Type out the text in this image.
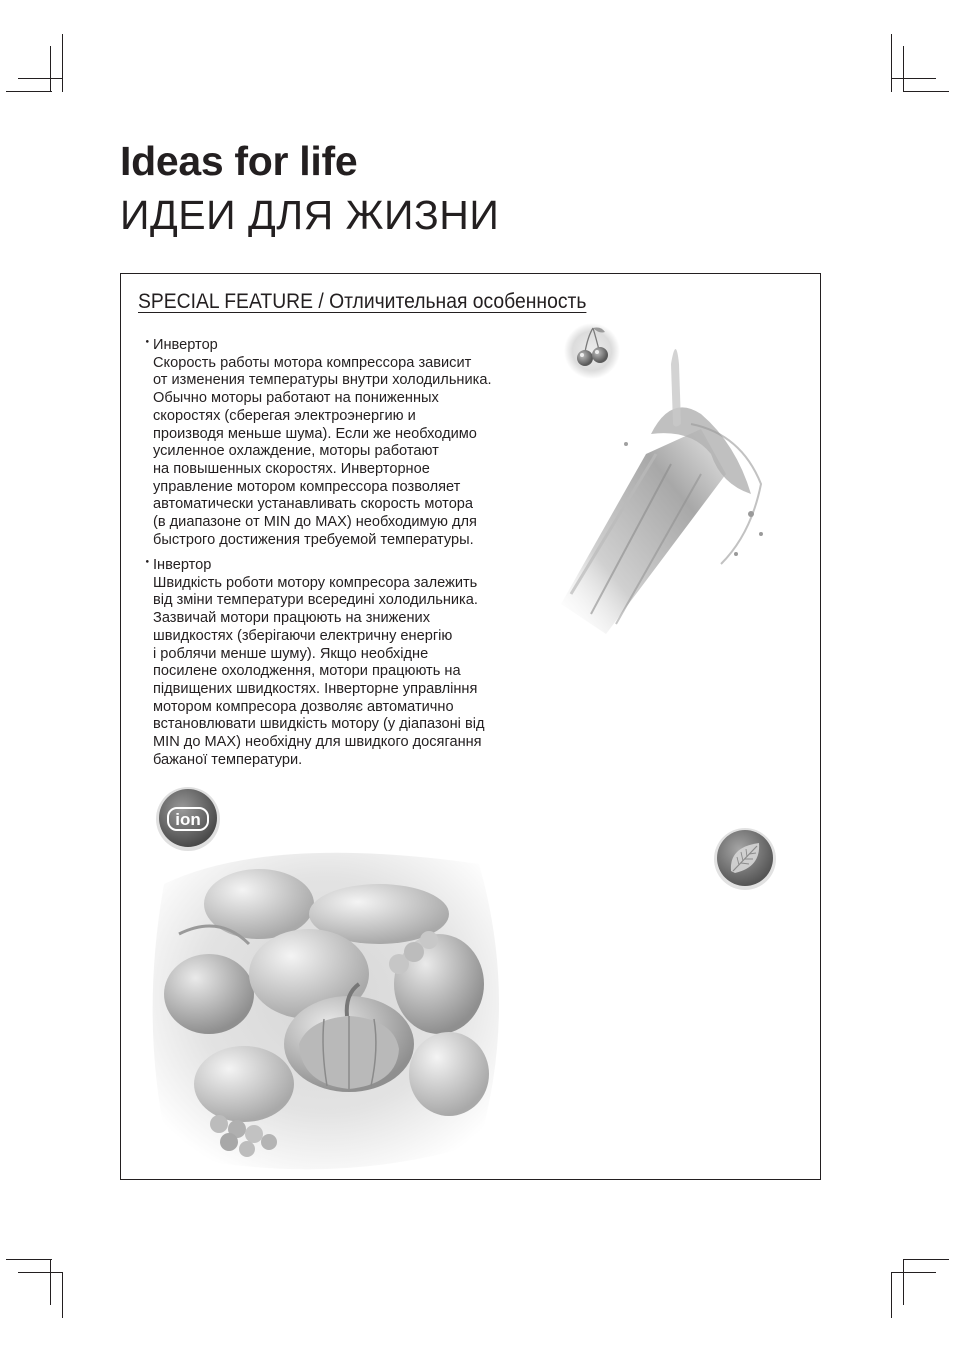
Ideas for life
ИДЕИ ДЛЯ ЖИЗНИ
SPECIAL FEATURE / Отличительная особенность
・
Инвертор

Скорость работы мотора компрессора зависит
от изменения температуры внутри холодильника.
Обычно моторы работают на пониженных
скоростях (сберегая электроэнергию и
производя меньше шума). Если же необходимо
усиленное охлаждение, моторы работают
на повышенных скоростях. Инверторное
управление мотором компрессора позволяет
автоматически устанавливать скорость мотора
(в диапазоне от MIN до MAX) необходимую для
быстрого достижения требуемой температуры.

・
Інвертор

Швидкість роботи мотору компресора залежить
від зміни температури всередині холодильника.
Зазвичай мотори працюють на знижених
швидкостях (зберігаючи електричну енергію
і роблячи менше шуму). Якщо необхідне
посилене охолодження, мотори працюють на
підвищених швидкостях. Інверторне управління
мотором компресора дозволяє автоматично
встановлювати швидкість мотору (у діапазоні від
MIN до MAX) необхідну для швидкого досягання
бажаної температури.

ion
